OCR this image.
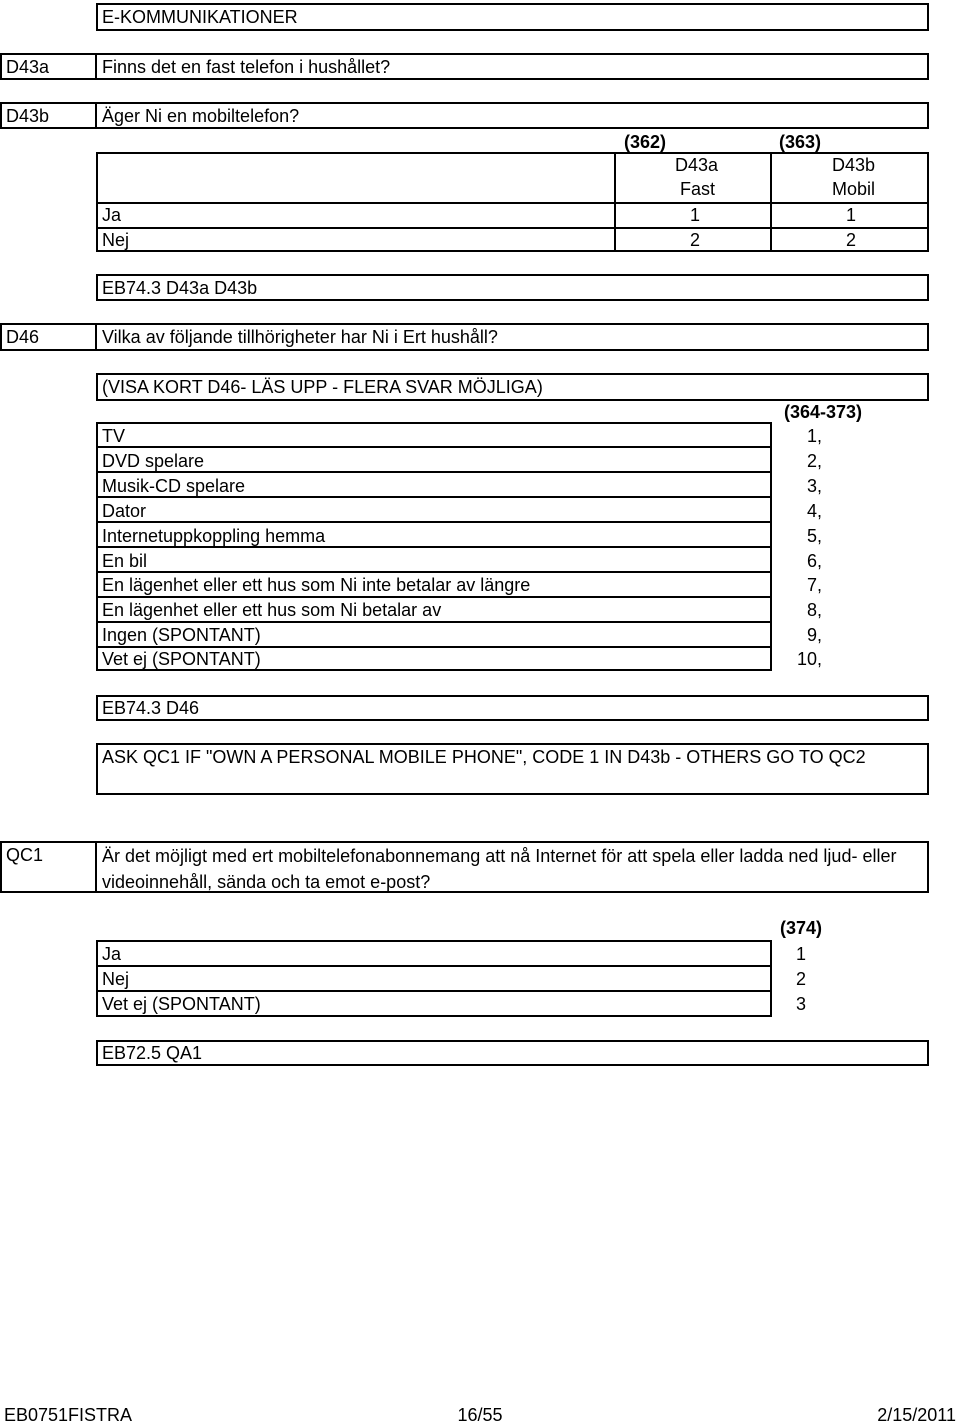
E-KOMMUNIKATIONER
D43a	Finns det en fast telefon i hushållet?
D43b	Äger Ni en mobiltelefon?
(362)	(363)
D43a	D43b
Fast	Mobil
Ja	1	1
Nej	2	2
EB74.3 D43a D43b
D46	Vilka av följande tillhörigheter har Ni i Ert hushåll?
(VISA KORT D46- LÄS UPP - FLERA SVAR MÖJLIGA)
(364-373)
TV	1,
DVD spelare	2,
Musik-CD spelare	3,
Dator	4,
Internetuppkoppling hemma	5,
En bil	6,
En lägenhet eller ett hus som Ni inte betalar av längre	7,
En lägenhet eller ett hus som Ni betalar av	8,
Ingen (SPONTANT)	9,
Vet ej (SPONTANT)	10,
EB74.3 D46
ASK QC1 IF "OWN A PERSONAL MOBILE PHONE", CODE 1 IN D43b - OTHERS GO TO QC2
QC1	Är det möjligt med ert mobiltelefonabonnemang att nå Internet för att spela eller ladda ned ljud- eller videoinnehåll, sända och ta emot e-post?
(374)
Ja	1
Nej	2
Vet ej (SPONTANT)	3
EB72.5 QA1
EB0751FISTRA	16/55	2/15/2011
